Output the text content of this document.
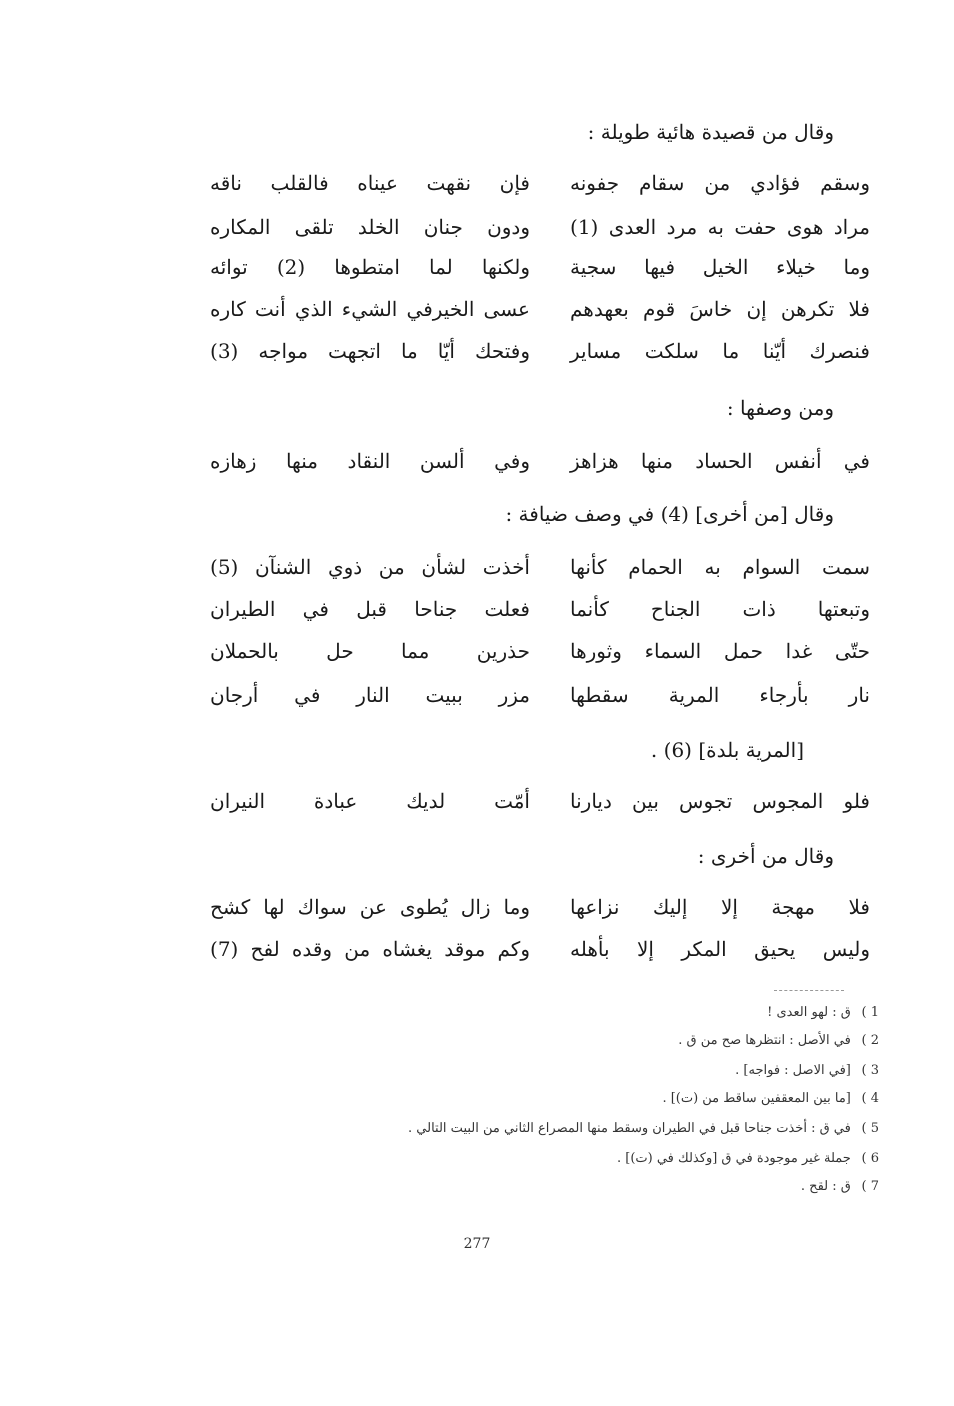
وقال من قصيدة هائية طويلة :
وسقم فؤادي من سقام جفونه
فإن نقهت عيناه فالقلب ناقه
مراد هوى حفت به مرد العدى (1)
ودون جنان الخلد تلقى المكاره
وما خيلاء الخيل فيها سجية
ولكنها لما امتطوها (2) توائه
فلا تكرهن إن خاسَ قوم بعهدهم
عسى الخيرفي الشيء الذي أنت كاره
فنصرك أيّنا ما سلكت مساير
وفتحك أيّا ما اتجهت مواجه (3)
ومن وصفها :
في أنفس الحساد منها هزاهز
وفي ألسن النقاد منها زهازه
وقال [من أخرى] (4) في وصف ضيافة :
سمت السوام به الحمام كأنها
أخذت لشأن من ذوي الشنآن (5)
وتبعتها ذات الجناح كأنما
فعلت جناحا قبل في الطيران
حتّى غدا حمل السماء وثورها
حذرين مما حل بالحملان
نار بأرجاء المرية سقطها
مزر ببيت النار في أرجان
[المرية بلدة] (6) .
فلو المجوس تجوس بين ديارنا
أمّت لديك عبادة النيران
وقال من أخرى :
فلا مهجة إلا إليك نزاعها
وما زال يُطوى عن سواك لها كشح
وليس يحيق المكر إلا بأهله
وكم موقد يغشاه من وقده لفح (7)
1 ) ق : لهو العدى !
2 ) في الأصل : انتظرها صح من ق .
3 ) [في الاصل : فواجه] .
4 ) [ما بين المعقفين ساقط من (ت)] .
5 ) في ق : أخذت جناحا قبل في الطيران وسقط منها المصراع الثاني من البيت التالي .
6 ) جملة غير موجودة في ق [وكذلك في (ت)] .
7 ) ق : لقح .
277
